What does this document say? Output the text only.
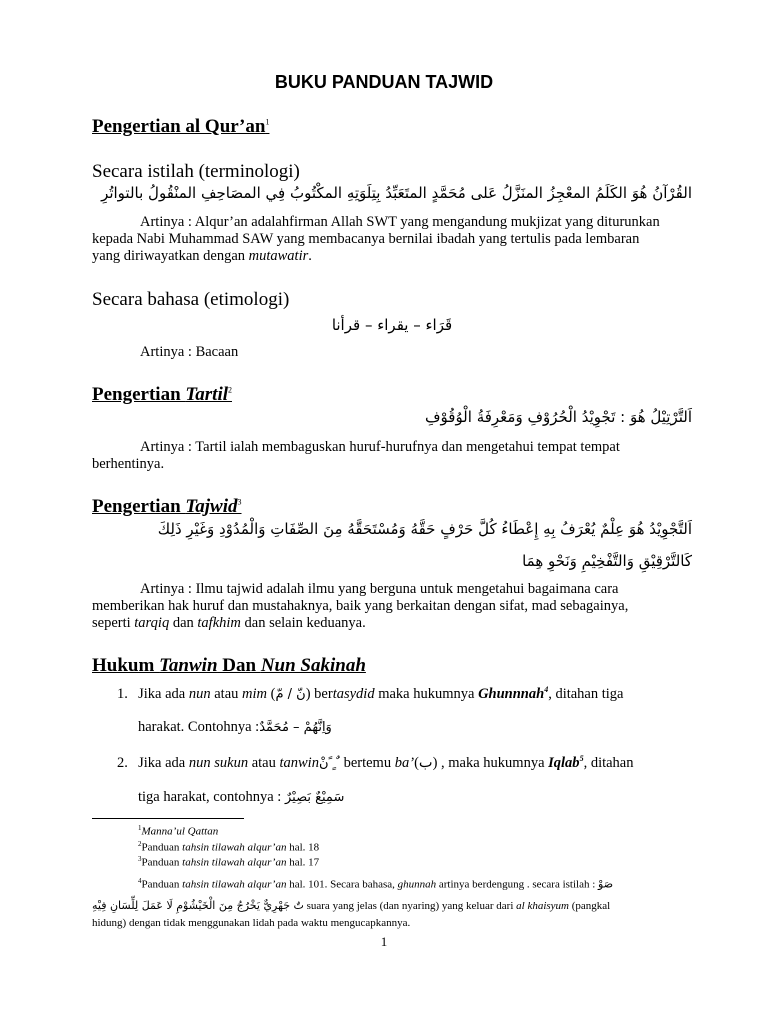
BUKU PANDUAN TAJWID
Pengertian al $Qur’an^1$
Secara istilah (terminologi)
القُرْآنُ هُوَ الكَلَمُ المعْجِزُ المنَزَّلُ عَلى مُحَمَّدٍ المتَعَبِّدُ بِتِلَوَتِهِ المكْتُوبُ فِي المصَاحِفِ المنْقُولُ بالتواتُرِ
Artinya : Alqur’an adalahfirman Allah SWT yang mengandung mukjizat yang diturunkan
kepada Nabi Muhammad SAW yang membacanya bernilai ibadah yang tertulis pada lembaran
yang diriwayatkan dengan mutawatir.
Secara bahasa (etimologi)
قَرَاء – يقراء – قرأنا
Artinya : Bacaan
Pengertian Tartil$^2$
اَلتَّرْتِيْلُ هُوَ : تَجْوِيْدُ الْحُرُوْفِ وَمَعْرِفَةُ الْوُقُوْفِ
Artinya : Tartil ialah membaguskan huruf-hurufnya dan mengetahui tempat tempat
berhentinya.
Pengertian Tajwid$^3$
اَلتَّجْوِيْدُ هُوَ عِلْمٌ يُعْرَفُ بِهِ إِعْطَاءُ كُلَّ حَرْفٍ حَقَّهُ وَمُسْتَحَقَّهُ مِنَ الصِّفَاتِ وَالْمُدُوْدِ وَغَيْرِ ذَلِكَ
كَالتَّرْقِيْقِ وَالتَّفْخِيْمِ وَنَحْوِ هِمَا
Artinya : Ilmu tajwid adalah ilmu yang berguna untuk mengetahui bagaimana cara
memberikan hak huruf dan mustahaknya, baik yang berkaitan dengan sifat, mad sebagainya,
seperti tarqiq dan tafkhim dan selain keduanya.
Hukum Tanwin Dan Nun Sakinah
1. Jika ada nun atau mim (نّ / مّ) bertasydid maka hukumnya Ghunnnah$^4$, ditahan tiga
harakat. Contohnya :وَاِنَّهُمْ – مُحَمَّدٌ
2. Jika ada nun sukun atau tanwinنْ ً ٍ ٌ bertemu ba’(ب) , maka hukumnya Iqlab$^5$, ditahan
tiga harakat, contohnya : سَمِيْعٌ بَصِيْرٌ
$^1$Manna’ul Qattan
$^2$Panduan tahsin tilawah alqur’an hal. 18
$^3$Panduan tahsin tilawah alqur’an hal. 17
$^4$Panduan tahsin tilawah alqur’an hal. 101. Secara bahasa, ghunnah artinya berdengung . secara istilah : صَوْ
تٌ جَهْرِيٌّ يَخْرُجُ مِنَ الْخَيْشُوْمِ لَا عَمَلَ لِلِّسَانِ فِيْهِ suara yang jelas (dan nyaring) yang keluar dari al khaisyum (pangkal
hidung) dengan tidak menggunakan lidah pada waktu mengucapkannya.
1
